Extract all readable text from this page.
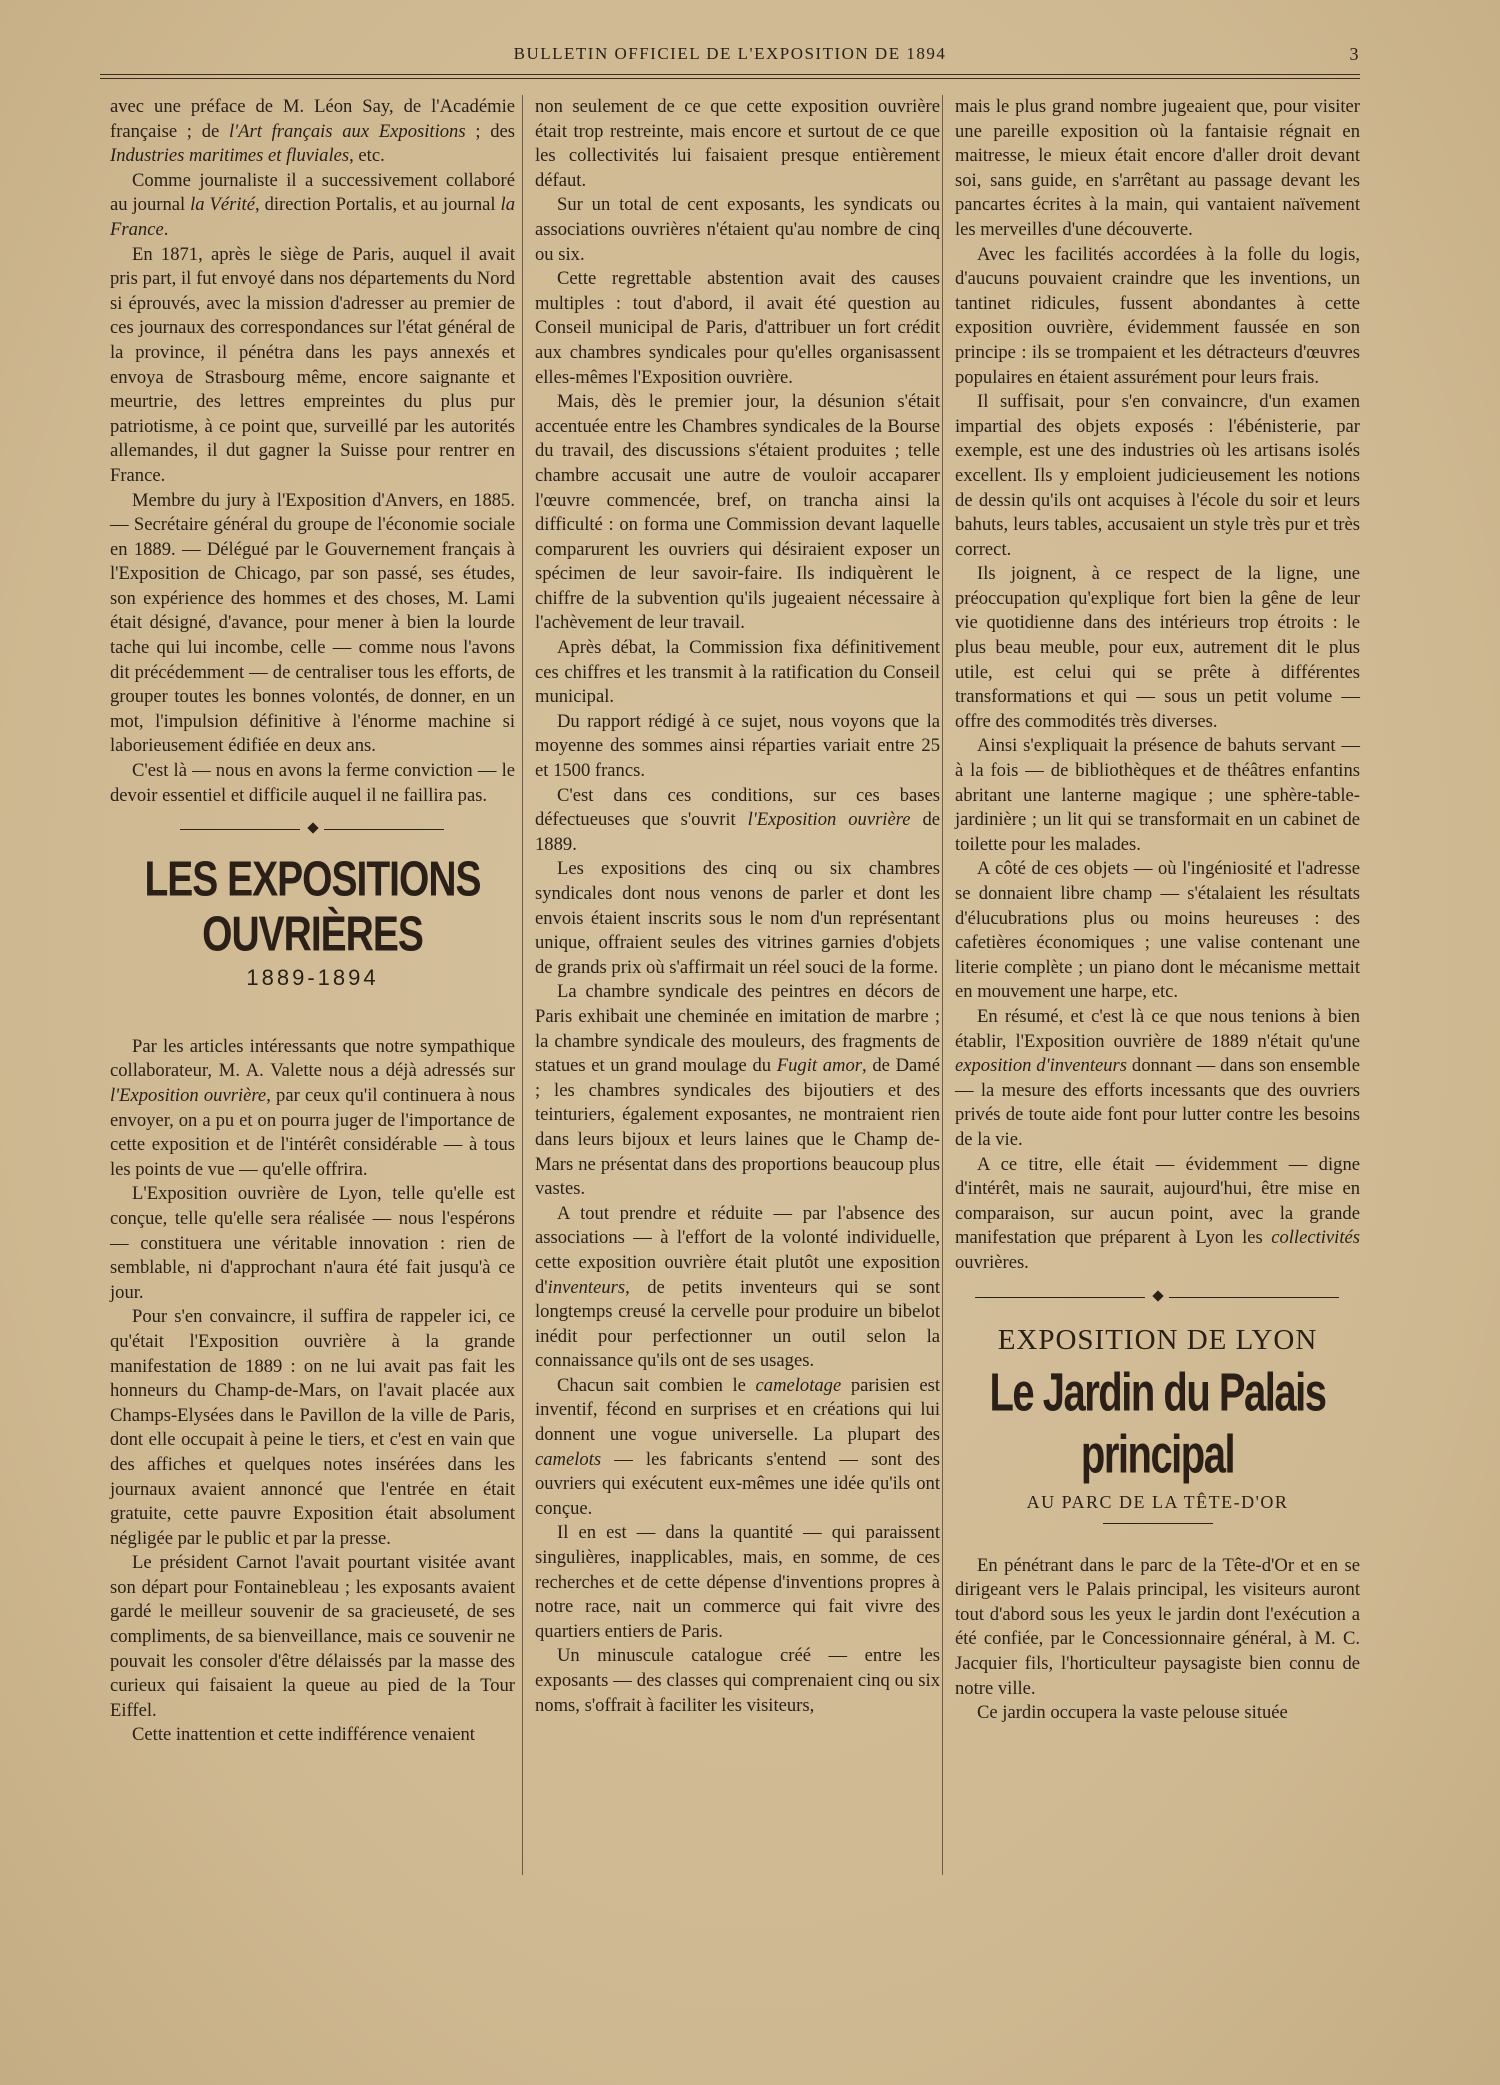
BULLETIN OFFICIEL DE L'EXPOSITION DE 1894	3

avec une préface de M. Léon Say, de l'Académie française ; de l'Art français aux Expositions ; des Industries maritimes et fluviales, etc.

Comme journaliste il a successivement collaboré au journal la Vérité, direction Portalis, et au journal la France.

En 1871, après le siège de Paris, auquel il avait pris part, il fut envoyé dans nos départements du Nord si éprouvés, avec la mission d'adresser au premier de ces journaux des correspondances sur l'état général de la province, il pénétra dans les pays annexés et envoya de Strasbourg même, encore saignante et meurtrie, des lettres empreintes du plus pur patriotisme, à ce point que, surveillé par les autorités allemandes, il dut gagner la Suisse pour rentrer en France.

Membre du jury à l'Exposition d'Anvers, en 1885. — Secrétaire général du groupe de l'économie sociale en 1889. — Délégué par le Gouvernement français à l'Exposition de Chicago, par son passé, ses études, son expérience des hommes et des choses, M. Lami était désigné, d'avance, pour mener à bien la lourde tache qui lui incombe, celle — comme nous l'avons dit précédemment — de centraliser tous les efforts, de grouper toutes les bonnes volontés, de donner, en un mot, l'impulsion définitive à l'énorme machine si laborieusement édifiée en deux ans.

C'est là — nous en avons la ferme conviction — le devoir essentiel et difficile auquel il ne faillira pas.

LES EXPOSITIONS OUVRIÈRES
1889-1894

Par les articles intéressants que notre sympathique collaborateur, M. A. Valette nous a déjà adressés sur l'Exposition ouvrière, par ceux qu'il continuera à nous envoyer, on a pu et on pourra juger de l'importance de cette exposition et de l'intérêt considérable — à tous les points de vue — qu'elle offrira.

L'Exposition ouvrière de Lyon, telle qu'elle est conçue, telle qu'elle sera réalisée — nous l'espérons — constituera une véritable innovation : rien de semblable, ni d'approchant n'aura été fait jusqu'à ce jour.

Pour s'en convaincre, il suffira de rappeler ici, ce qu'était l'Exposition ouvrière à la grande manifestation de 1889 : on ne lui avait pas fait les honneurs du Champ-de-Mars, on l'avait placée aux Champs-Elysées dans le Pavillon de la ville de Paris, dont elle occupait à peine le tiers, et c'est en vain que des affiches et quelques notes insérées dans les journaux avaient annoncé que l'entrée en était gratuite, cette pauvre Exposition était absolument négligée par le public et par la presse.

Le président Carnot l'avait pourtant visitée avant son départ pour Fontainebleau ; les exposants avaient gardé le meilleur souvenir de sa gracieuseté, de ses compliments, de sa bienveillance, mais ce souvenir ne pouvait les consoler d'être délaissés par la masse des curieux qui faisaient la queue au pied de la Tour Eiffel.

Cette inattention et cette indifférence venaient

non seulement de ce que cette exposition ouvrière était trop restreinte, mais encore et surtout de ce que les collectivités lui faisaient presque entièrement défaut.

Sur un total de cent exposants, les syndicats ou associations ouvrières n'étaient qu'au nombre de cinq ou six.

Cette regrettable abstention avait des causes multiples : tout d'abord, il avait été question au Conseil municipal de Paris, d'attribuer un fort crédit aux chambres syndicales pour qu'elles organisassent elles-mêmes l'Exposition ouvrière.

Mais, dès le premier jour, la désunion s'était accentuée entre les Chambres syndicales de la Bourse du travail, des discussions s'étaient produites ; telle chambre accusait une autre de vouloir accaparer l'œuvre commencée, bref, on trancha ainsi la difficulté : on forma une Commission devant laquelle comparurent les ouvriers qui désiraient exposer un spécimen de leur savoir-faire. Ils indiquèrent le chiffre de la subvention qu'ils jugeaient nécessaire à l'achèvement de leur travail.

Après débat, la Commission fixa définitivement ces chiffres et les transmit à la ratification du Conseil municipal.

Du rapport rédigé à ce sujet, nous voyons que la moyenne des sommes ainsi réparties variait entre 25 et 1500 francs.

C'est dans ces conditions, sur ces bases défectueuses que s'ouvrit l'Exposition ouvrière de 1889.

Les expositions des cinq ou six chambres syndicales dont nous venons de parler et dont les envois étaient inscrits sous le nom d'un représentant unique, offraient seules des vitrines garnies d'objets de grands prix où s'affirmait un réel souci de la forme.

La chambre syndicale des peintres en décors de Paris exhibait une cheminée en imitation de marbre ; la chambre syndicale des mouleurs, des fragments de statues et un grand moulage du Fugit amor, de Damé ; les chambres syndicales des bijoutiers et des teinturiers, également exposantes, ne montraient rien dans leurs bijoux et leurs laines que le Champ de-Mars ne présentat dans des proportions beaucoup plus vastes.

A tout prendre et réduite — par l'absence des associations — à l'effort de la volonté individuelle, cette exposition ouvrière était plutôt une exposition d'inventeurs, de petits inventeurs qui se sont longtemps creusé la cervelle pour produire un bibelot inédit pour perfectionner un outil selon la connaissance qu'ils ont de ses usages.

Chacun sait combien le camelotage parisien est inventif, fécond en surprises et en créations qui lui donnent une vogue universelle. La plupart des camelots — les fabricants s'entend — sont des ouvriers qui exécutent eux-mêmes une idée qu'ils ont conçue.

Il en est — dans la quantité — qui paraissent singulières, inapplicables, mais, en somme, de ces recherches et de cette dépense d'inventions propres à notre race, nait un commerce qui fait vivre des quartiers entiers de Paris.

Un minuscule catalogue créé — entre les exposants — des classes qui comprenaient cinq ou six noms, s'offrait à faciliter les visiteurs,

mais le plus grand nombre jugeaient que, pour visiter une pareille exposition où la fantaisie régnait en maitresse, le mieux était encore d'aller droit devant soi, sans guide, en s'arrêtant au passage devant les pancartes écrites à la main, qui vantaient naïvement les merveilles d'une découverte.

Avec les facilités accordées à la folle du logis, d'aucuns pouvaient craindre que les inventions, un tantinet ridicules, fussent abondantes à cette exposition ouvrière, évidemment faussée en son principe : ils se trompaient et les détracteurs d'œuvres populaires en étaient assurément pour leurs frais.

Il suffisait, pour s'en convaincre, d'un examen impartial des objets exposés : l'ébénisterie, par exemple, est une des industries où les artisans isolés excellent. Ils y emploient judicieusement les notions de dessin qu'ils ont acquises à l'école du soir et leurs bahuts, leurs tables, accusaient un style très pur et très correct.

Ils joignent, à ce respect de la ligne, une préoccupation qu'explique fort bien la gêne de leur vie quotidienne dans des intérieurs trop étroits : le plus beau meuble, pour eux, autrement dit le plus utile, est celui qui se prête à différentes transformations et qui — sous un petit volume — offre des commodités très diverses.

Ainsi s'expliquait la présence de bahuts servant — à la fois — de bibliothèques et de théâtres enfantins abritant une lanterne magique ; une sphère-table-jardinière ; un lit qui se transformait en un cabinet de toilette pour les malades.

A côté de ces objets — où l'ingéniosité et l'adresse se donnaient libre champ — s'étalaient les résultats d'élucubrations plus ou moins heureuses : des cafetières économiques ; une valise contenant une literie complète ; un piano dont le mécanisme mettait en mouvement une harpe, etc.

En résumé, et c'est là ce que nous tenions à bien établir, l'Exposition ouvrière de 1889 n'était qu'une exposition d'inventeurs donnant — dans son ensemble — la mesure des efforts incessants que des ouvriers privés de toute aide font pour lutter contre les besoins de la vie.

A ce titre, elle était — évidemment — digne d'intérêt, mais ne saurait, aujourd'hui, être mise en comparaison, sur aucun point, avec la grande manifestation que préparent à Lyon les collectivités ouvrières.

EXPOSITION DE LYON
Le Jardin du Palais principal
AU PARC DE LA TÊTE-D'OR

En pénétrant dans le parc de la Tête-d'Or et en se dirigeant vers le Palais principal, les visiteurs auront tout d'abord sous les yeux le jardin dont l'exécution a été confiée, par le Concessionnaire général, à M. C. Jacquier fils, l'horticulteur paysagiste bien connu de notre ville.

Ce jardin occupera la vaste pelouse située
